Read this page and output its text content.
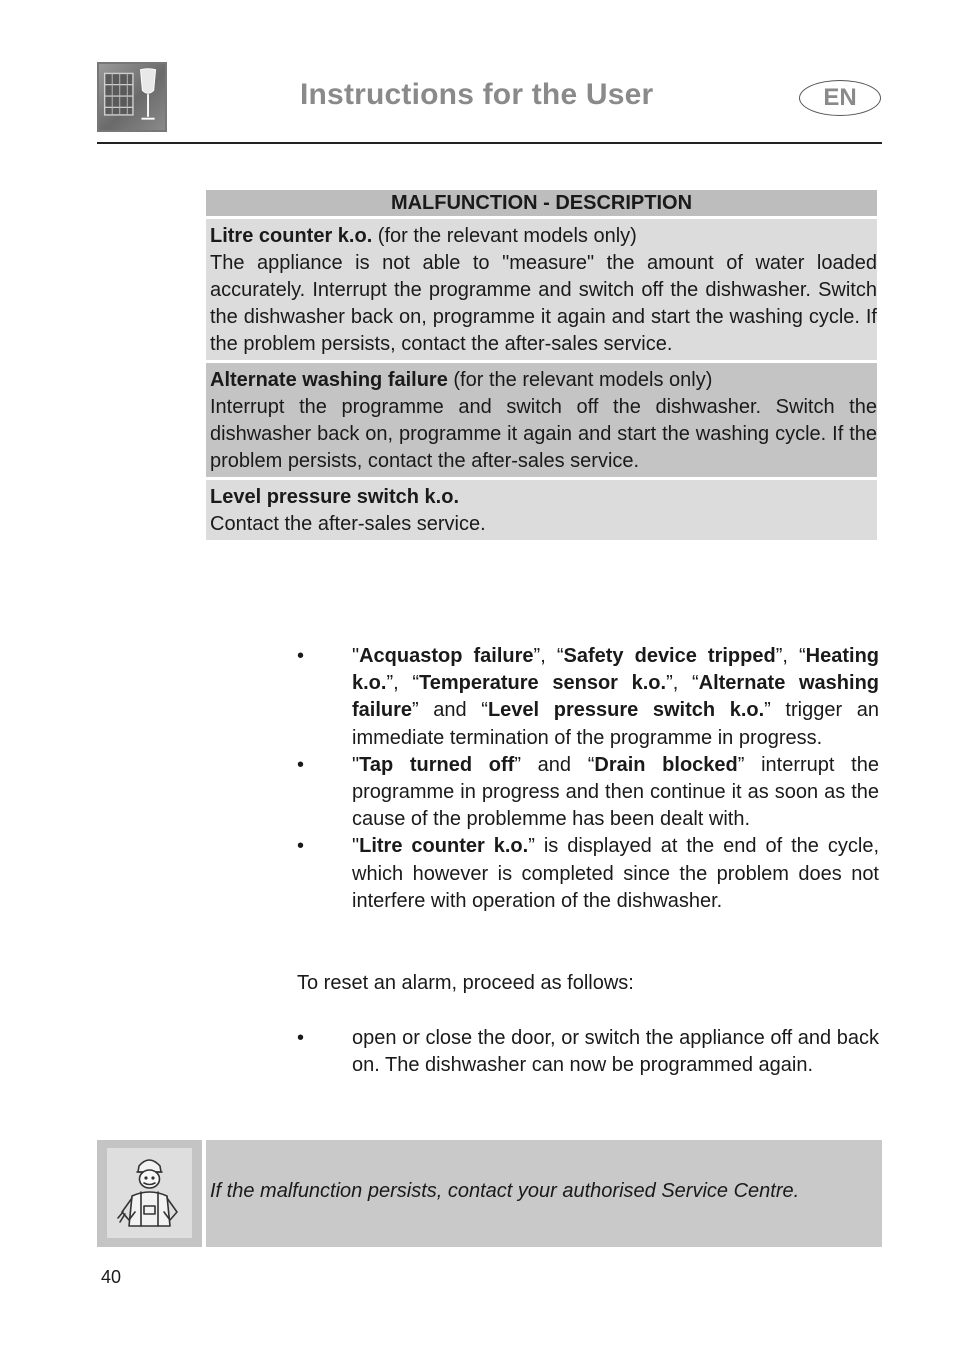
Instructions for the User	EN
MALFUNCTION - DESCRIPTION
Litre counter k.o. (for the relevant models only)
The appliance is not able to "measure" the amount of water loaded accurately. Interrupt the programme and switch off the dishwasher. Switch the dishwasher back on, programme it again and start the washing cycle. If the problem persists, contact the after-sales service.
Alternate washing failure (for the relevant models only)
Interrupt the programme and switch off the dishwasher. Switch the dishwasher back on, programme it again and start the washing cycle. If the problem persists, contact the after-sales service.
Level pressure switch k.o.
Contact the after-sales service.
• "Acquastop failure”, “Safety device tripped”, “Heating k.o.”, “Temperature sensor k.o.”, “Alternate washing failure” and “Level pressure switch k.o.” trigger an immediate termination of the programme in progress.
• "Tap turned off” and “Drain blocked” interrupt the programme in progress and then continue it as soon as the cause of the problemme has been dealt with.
• "Litre counter k.o.” is displayed at the end of the cycle, which however is completed since the problem does not interfere with operation of the dishwasher.
To reset an alarm, proceed as follows:
• open or close the door, or switch the appliance off and back on. The dishwasher can now be programmed again.
If the malfunction persists, contact your authorised Service Centre.
40
